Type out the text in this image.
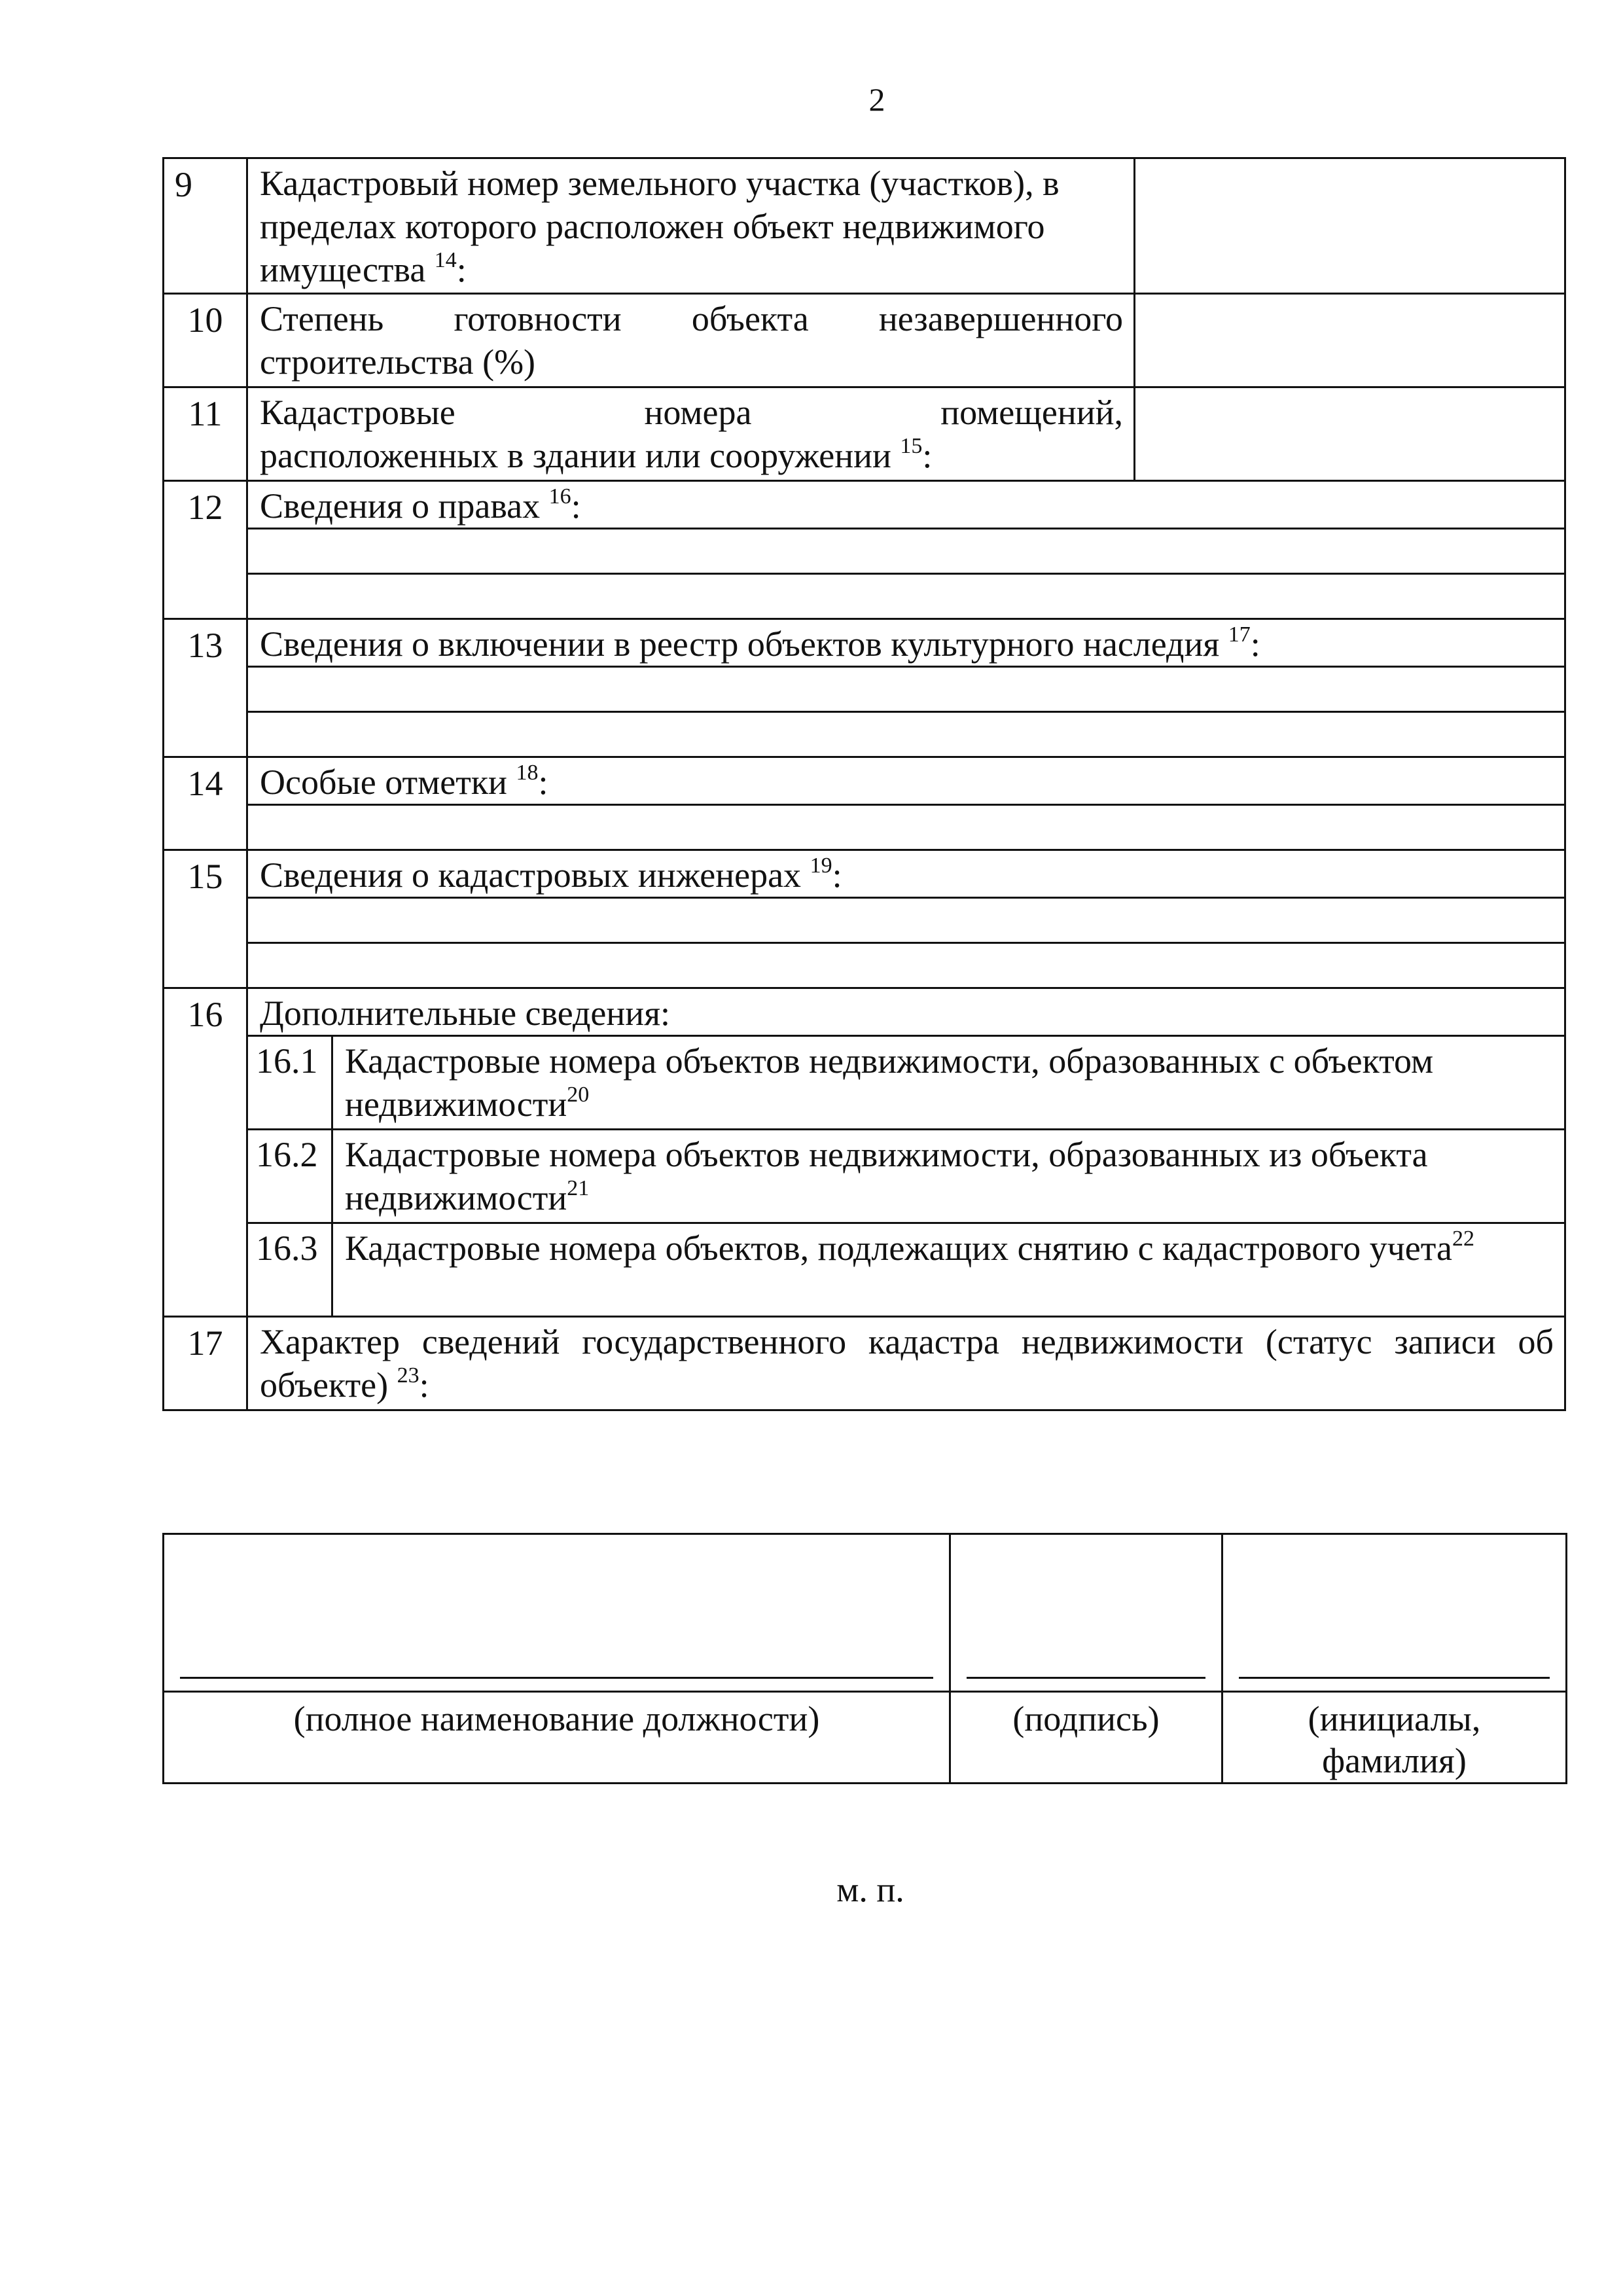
2
9	Кадастровый номер земельного участка (участков), в пределах которого расположен объект недвижимого имущества $^{14}$:		
10	Степень готовности объекта незавершенного
строительства (%)		

11	Кадастровые номера помещений,
расположенных в здании или сооружении $^{15}$:		

12	Сведения о правах $^{16}$:		

13	Сведения о включении в реестр объектов культурного наследия $^{17}$:		

14	Особые отметки $^{18}$:		

15	Сведения о кадастровых инженерах $^{19}$:		

16	Дополнительные сведения:		
	16.1	Кадастровые номера объектов недвижимости, образованных с объектом недвижимости$^{20}$
	16.2	Кадастровые номера объектов недвижимости, образованных из объекта недвижимости$^{21}$
	16.3	Кадастровые номера объектов, подлежащих снятию с кадастрового учета$^{22}$
17	Характер сведений государственного кадастра недвижимости (статус записи об объекте) $^{23}$:		

(полное наименование должности)	(подпись)	(инициалы, фамилия)
м. п.
